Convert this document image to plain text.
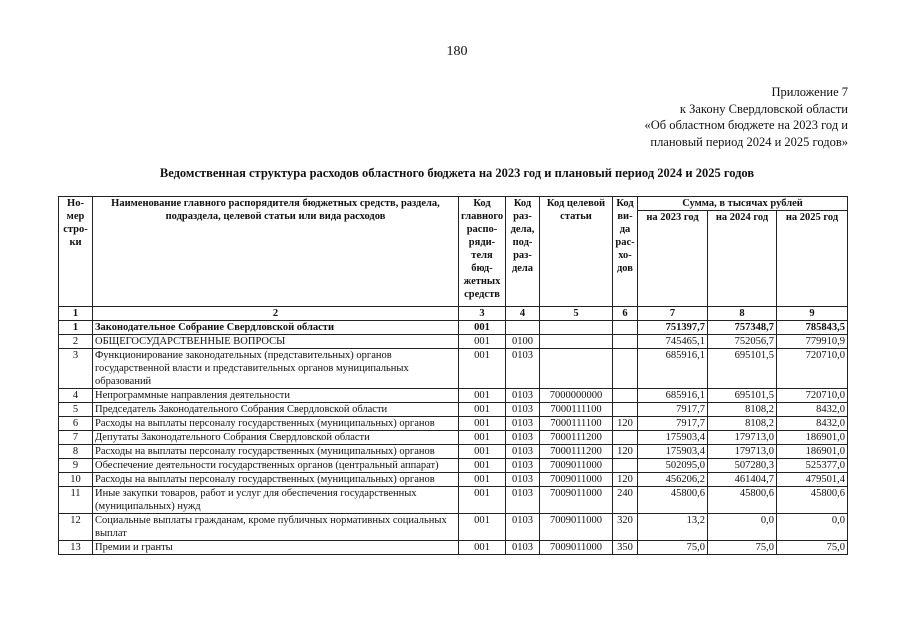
180
Приложение 7
к Закону Свердловской области
«Об областном бюджете на 2023 год и
плановый период 2024 и 2025 годов»
Ведомственная структура расходов областного бюджета на 2023 год и плановый период 2024 и 2025 годов
Но-мер стро-ки	Наименование главного распорядителя бюджетных средств, раздела, подраздела, целевой статьи или вида расходов	Код главного распо-ряди-теля бюд-жетных средств	Код раз-дела, под-раз-дела	Код целевой статьи	Код ви-да рас-хо-дов	Сумма, в тысячах рублей		
						на 2023 год	на 2024 год	на 2025 год
1	2	3	4	5	6	7	8	9
1	Законодательное Собрание Свердловской области	001				751397,7	757348,7	785843,5
2	ОБЩЕГОСУДАРСТВЕННЫЕ ВОПРОСЫ	001	0100			745465,1	752056,7	779910,9
3	Функционирование законодательных (представительных) органов государственной власти и представительных органов муниципальных образований	001	0103			685916,1	695101,5	720710,0
4	Непрограммные направления деятельности	001	0103	7000000000		685916,1	695101,5	720710,0
5	Председатель Законодательного Собрания Свердловской области	001	0103	7000111100		7917,7	8108,2	8432,0
6	Расходы на выплаты персоналу государственных (муниципальных) органов	001	0103	7000111100	120	7917,7	8108,2	8432,0
7	Депутаты Законодательного Собрания Свердловской области	001	0103	7000111200		175903,4	179713,0	186901,0
8	Расходы на выплаты персоналу государственных (муниципальных) органов	001	0103	7000111200	120	175903,4	179713,0	186901,0
9	Обеспечение деятельности государственных органов (центральный аппарат)	001	0103	7009011000		502095,0	507280,3	525377,0
10	Расходы на выплаты персоналу государственных (муниципальных) органов	001	0103	7009011000	120	456206,2	461404,7	479501,4
11	Иные закупки товаров, работ и услуг для обеспечения государственных (муниципальных) нужд	001	0103	7009011000	240	45800,6	45800,6	45800,6
12	Социальные выплаты гражданам, кроме публичных нормативных социальных выплат	001	0103	7009011000	320	13,2	0,0	0,0
13	Премии и гранты	001	0103	7009011000	350	75,0	75,0	75,0
